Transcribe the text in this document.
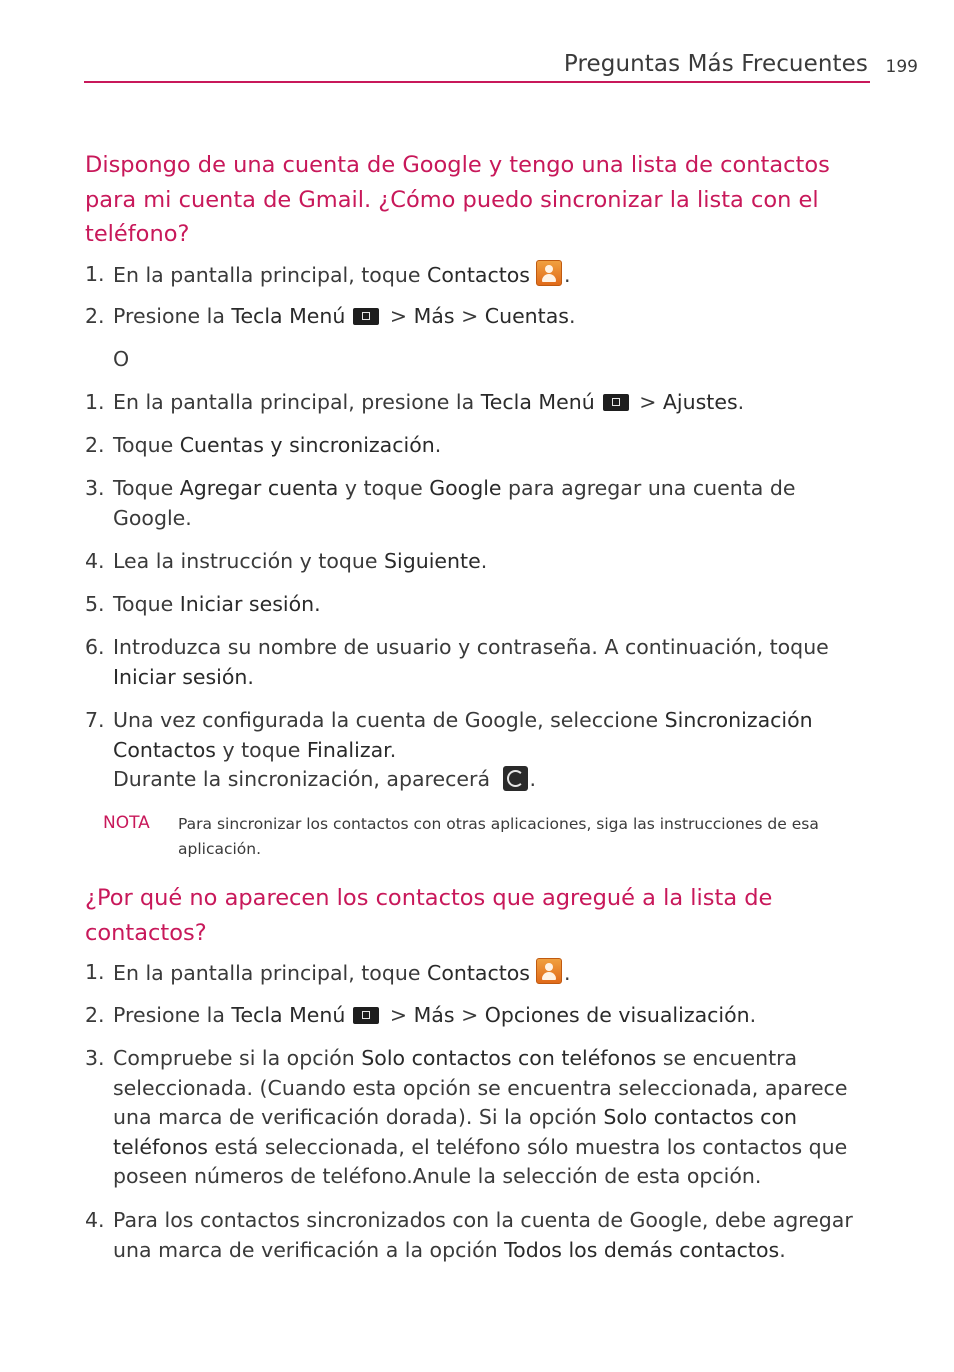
Preguntas Más Frecuentes 199
Dispongo de una cuenta de Google y tengo una lista de contactos para mi cuenta de Gmail. ¿Cómo puedo sincronizar la lista con el teléfono?
1. En la pantalla principal, toque Contactos .
2. Presione la Tecla Menú > Más > Cuentas.
O
1. En la pantalla principal, presione la Tecla Menú > Ajustes.
2. Toque Cuentas y sincronización.
3. Toque Agregar cuenta y toque Google para agregar una cuenta de Google.
4. Lea la instrucción y toque Siguiente.
5. Toque Iniciar sesión.
6. Introduzca su nombre de usuario y contraseña. A continuación, toque Iniciar sesión.
7. Una vez configurada la cuenta de Google, seleccione Sincronización Contactos y toque Finalizar.
Durante la sincronización, aparecerá .
NOTA Para sincronizar los contactos con otras aplicaciones, siga las instrucciones de esa aplicación.
¿Por qué no aparecen los contactos que agregué a la lista de contactos?
1. En la pantalla principal, toque Contactos .
2. Presione la Tecla Menú > Más > Opciones de visualización.
3. Compruebe si la opción Solo contactos con teléfonos se encuentra seleccionada. (Cuando esta opción se encuentra seleccionada, aparece una marca de verificación dorada). Si la opción Solo contactos con teléfonos está seleccionada, el teléfono sólo muestra los contactos que poseen números de teléfono.Anule la selección de esta opción.
4. Para los contactos sincronizados con la cuenta de Google, debe agregar una marca de verificación a la opción Todos los demás contactos.
